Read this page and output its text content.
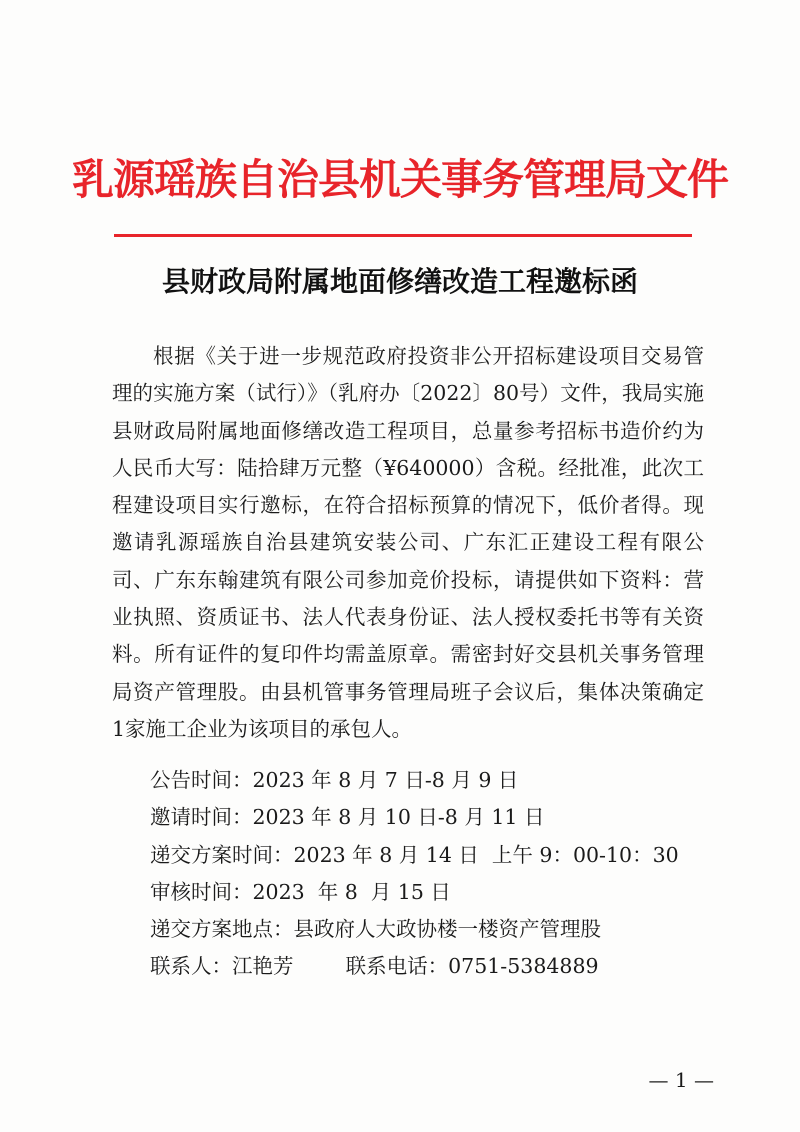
乳源瑶族自治县机关事务管理局文件
县财政局附属地面修缮改造工程邀标函

根据《关于进一步规范政府投资非公开招标建设项目交易管理的实施方案（试行）》（乳府办〔2022〕80号）文件，我局实施县财政局附属地面修缮改造工程项目，总量参考招标书造价约为人民币大写：陆拾肆万元整（¥640000）含税。经批准，此次工程建设项目实行邀标，在符合招标预算的情况下，低价者得。现邀请乳源瑶族自治县建筑安装公司、广东汇正建设工程有限公司、广东东翰建筑有限公司参加竞价投标，请提供如下资料：营业执照、资质证书、法人代表身份证、法人授权委托书等有关资料。所有证件的复印件均需盖原章。需密封好交县机关事务管理局资产管理股。由县机管事务管理局班子会议后，集体决策确定 1家施工企业为该项目的承包人。

公告时间：2023 年 8 月 7 日-8 月 9 日
邀请时间：2023 年 8 月 10 日-8 月 11 日
递交方案时间：2023 年 8 月 14 日  上午 9：00-10：30
审核时间：2023  年 8  月 15 日
递交方案地点：县政府人大政协楼一楼资产管理股
联系人：江艳芳	联系电话：0751-5384889
— 1 —
